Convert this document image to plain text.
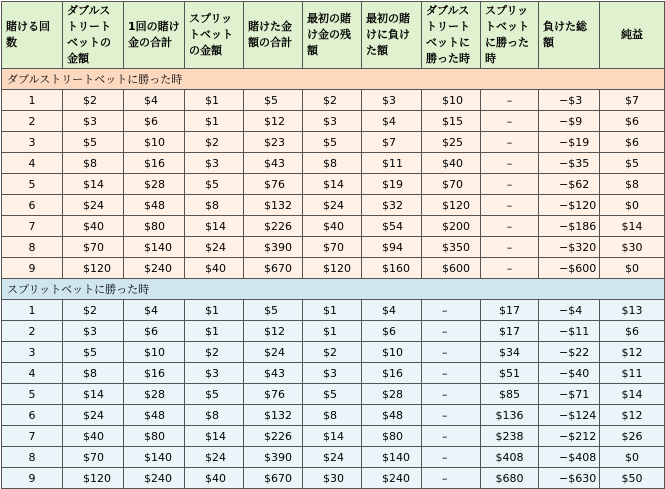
賭ける回数	ダブルストリートベットの金額	1回の賭け金の合計	スプリットベットの金額	賭けた金額の合計	最初の賭け金の残額	最初の賭けに負けた額	ダブルストリートベットに勝った時	スプリットベットに勝った時	負けた総額	純益
ダブルストリートベットに勝った時										
1	$2	$4	$1	$5	$2	$3	$10	–	−$3	$7
2	$3	$6	$1	$12	$3	$4	$15	–	−$9	$6
3	$5	$10	$2	$23	$5	$7	$25	–	−$19	$6
4	$8	$16	$3	$43	$8	$11	$40	–	−$35	$5
5	$14	$28	$5	$76	$14	$19	$70	–	−$62	$8
6	$24	$48	$8	$132	$24	$32	$120	–	−$120	$0
7	$40	$80	$14	$226	$40	$54	$200	–	−$186	$14
8	$70	$140	$24	$390	$70	$94	$350	–	−$320	$30
9	$120	$240	$40	$670	$120	$160	$600	–	−$600	$0
スプリットベットに勝った時										
1	$2	$4	$1	$5	$1	$4	–	$17	−$4	$13
2	$3	$6	$1	$12	$1	$6	–	$17	−$11	$6
3	$5	$10	$2	$24	$2	$10	–	$34	−$22	$12
4	$8	$16	$3	$43	$3	$16	–	$51	−$40	$11
5	$14	$28	$5	$76	$5	$28	–	$85	−$71	$14
6	$24	$48	$8	$132	$8	$48	–	$136	−$124	$12
7	$40	$80	$14	$226	$14	$80	–	$238	−$212	$26
8	$70	$140	$24	$390	$24	$140	–	$408	−$408	$0
9	$120	$240	$40	$670	$30	$240	–	$680	−$630	$50
